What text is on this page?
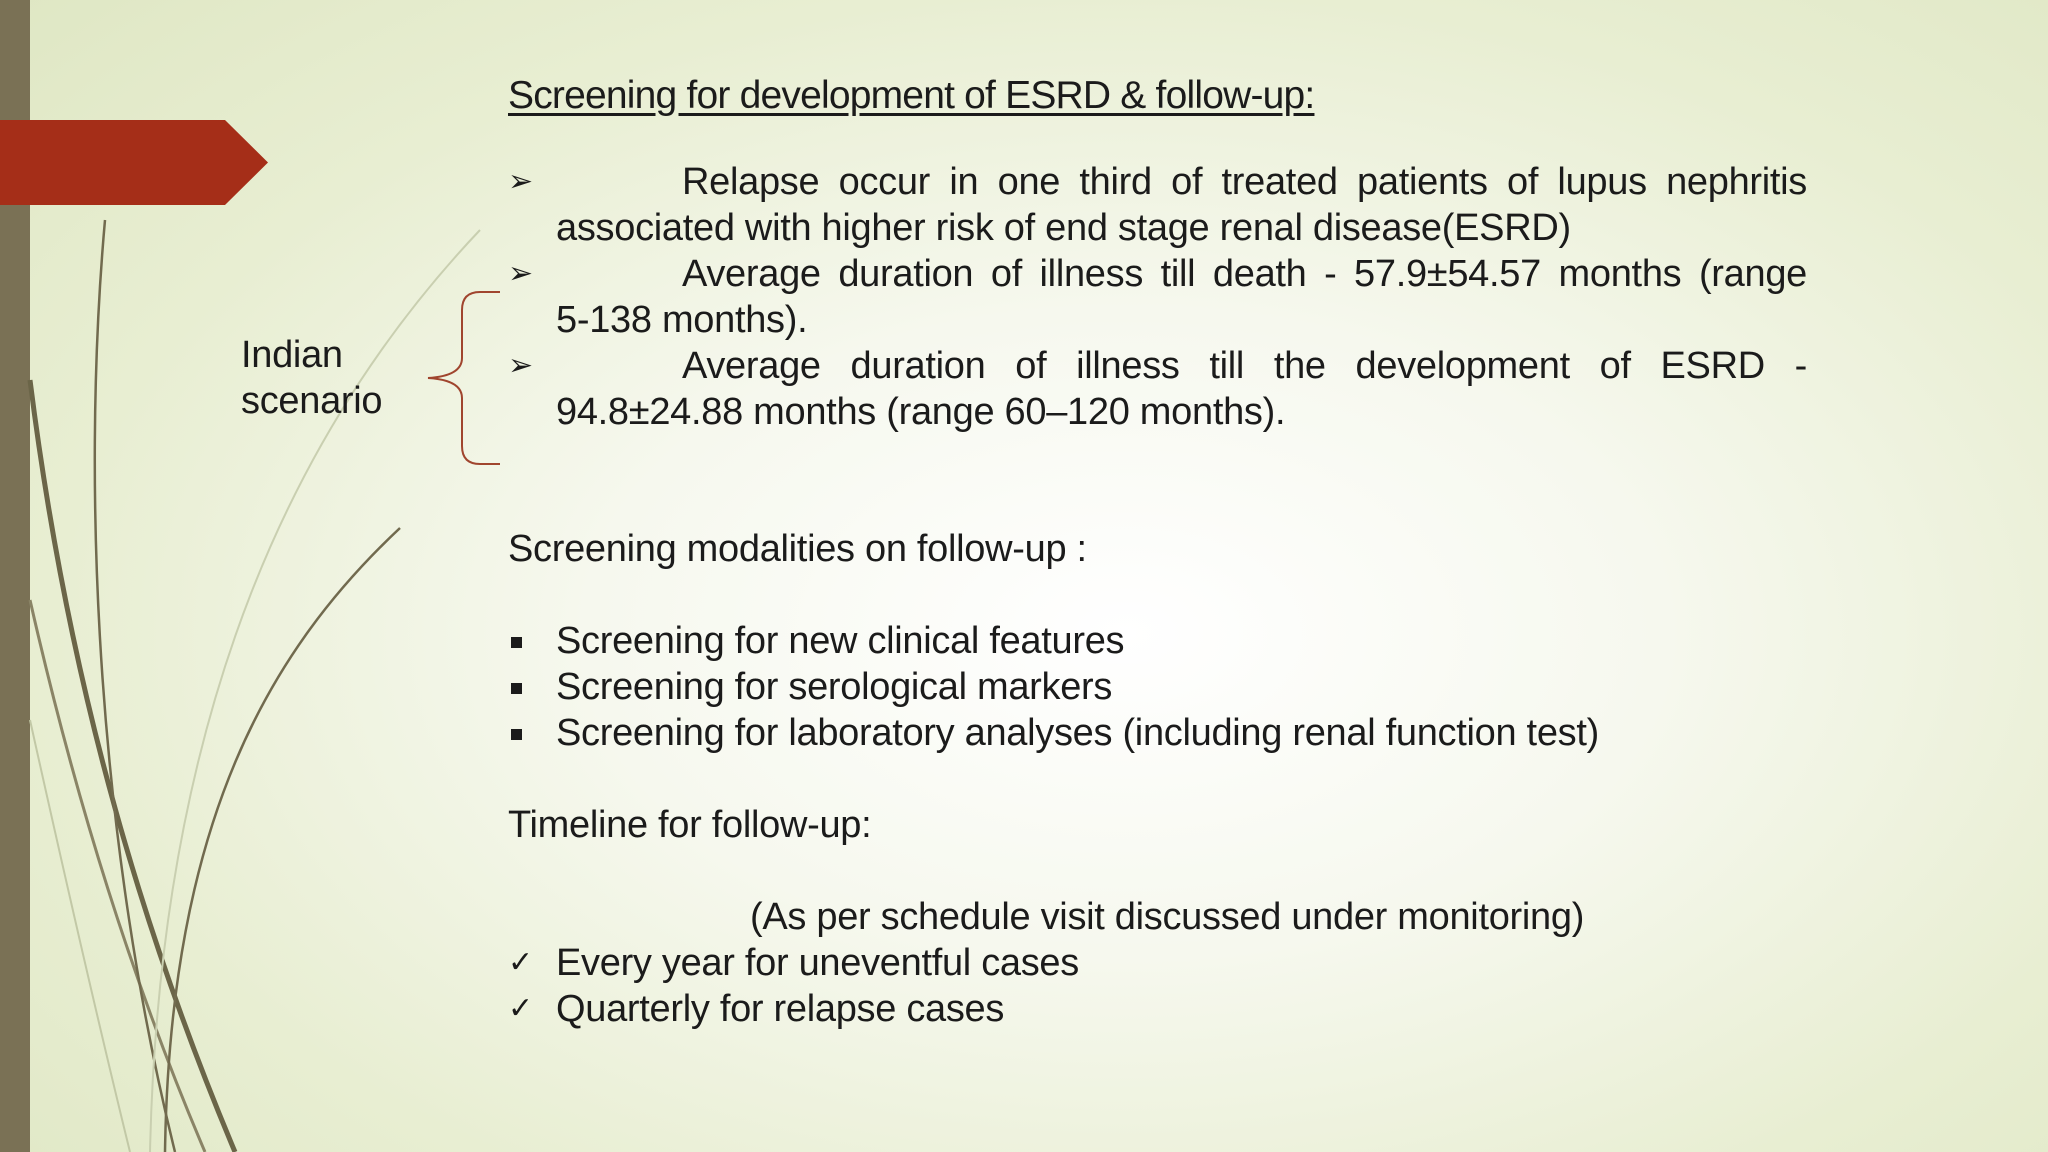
Screening for development of ESRD & follow-up:
➢	Relapse occur in one third of treated patients of lupus nephritis
associated with higher risk of end stage renal disease(ESRD)
➢	Average duration of illness till death - 57.9±54.57 months (range
5-138 months).
➢	Average duration of illness till the development of ESRD -
94.8±24.88 months (range 60–120 months).
Indian
scenario
Screening modalities on follow-up :
Screening for new clinical features
Screening for serological markers
Screening for laboratory analyses (including renal function test)
Timeline for follow-up:
(As per schedule visit discussed under monitoring)
✓ Every year for uneventful cases
✓ Quarterly for relapse cases
